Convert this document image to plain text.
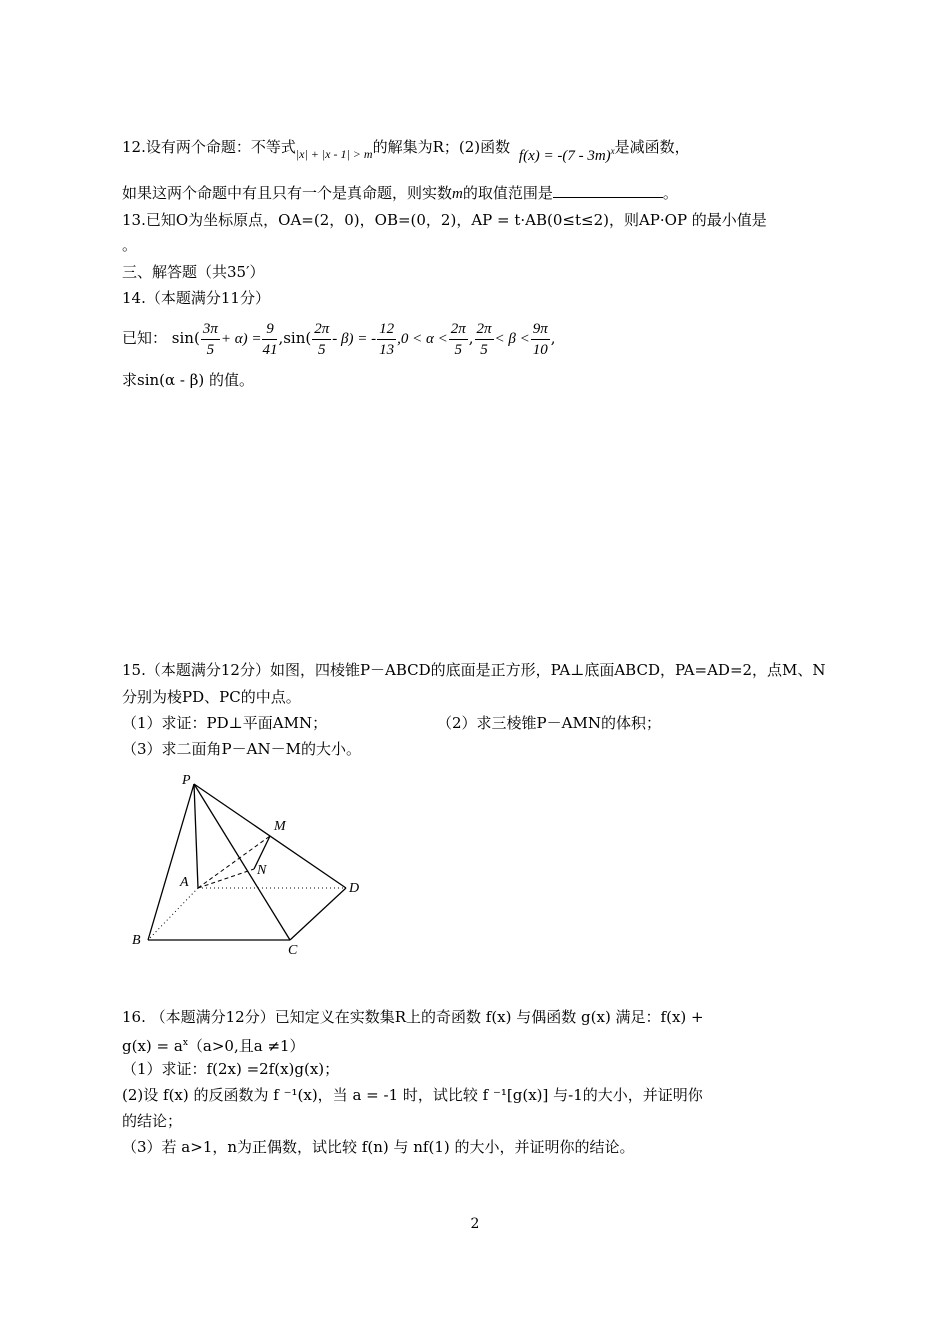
12.设有两个命题：不等式$_{|x| + |x - 1| > m}$的解集为R；(2)函数 f(x) = -(7 - 3m)$^x$是减函数，
如果这两个命题中有且只有一个是真命题，则实数m的取值范围是	。
13.已知O为坐标原点，OA=(2，0)，OB=(0，2)，AP = t·AB(0≤t≤2)，则AP·OP 的最小值是
。
三、解答题（共35′）
14.（本题满分11分）
已知： $\sin( \frac{3\pi}{5} + \alpha) = \frac{9}{41} ,\sin( \frac{2\pi}{5} - \beta)$ = - $\frac{12}{13} ,0 < \alpha < \frac{2\pi}{5}$ , $\frac{2\pi}{5} < \beta < \frac{9\pi}{10}$ ,
求sin(α - β) 的值。
15.（本题满分12分）如图，四棱锥P－ABCD的底面是正方形，PA⊥底面ABCD，PA=AD=2，点M、N
分别为棱PD、PC的中点。
（1）求证：PD⊥平面AMN；	（2）求三棱锥P－AMN的体积；
（3）求二面角P－AN－M的大小。
P
M
A
N
D
B
C
16. （本题满分12分）已知定义在实数集R上的奇函数 f(x) 与偶函数 g(x) 满足：f(x) +
$g(x) = a^x(a>0$,且a ≠1）
（1）求证：f(2x) =2f(x)g(x)；
(2)设 f(x) 的反函数为 f ⁻¹(x)，当 a = -1 时，试比较 f ⁻¹[g(x)] 与-1的大小，并证明你
的结论；
（3）若 a>1，n为正偶数，试比较 f(n) 与 nf(1) 的大小，并证明你的结论。
2
